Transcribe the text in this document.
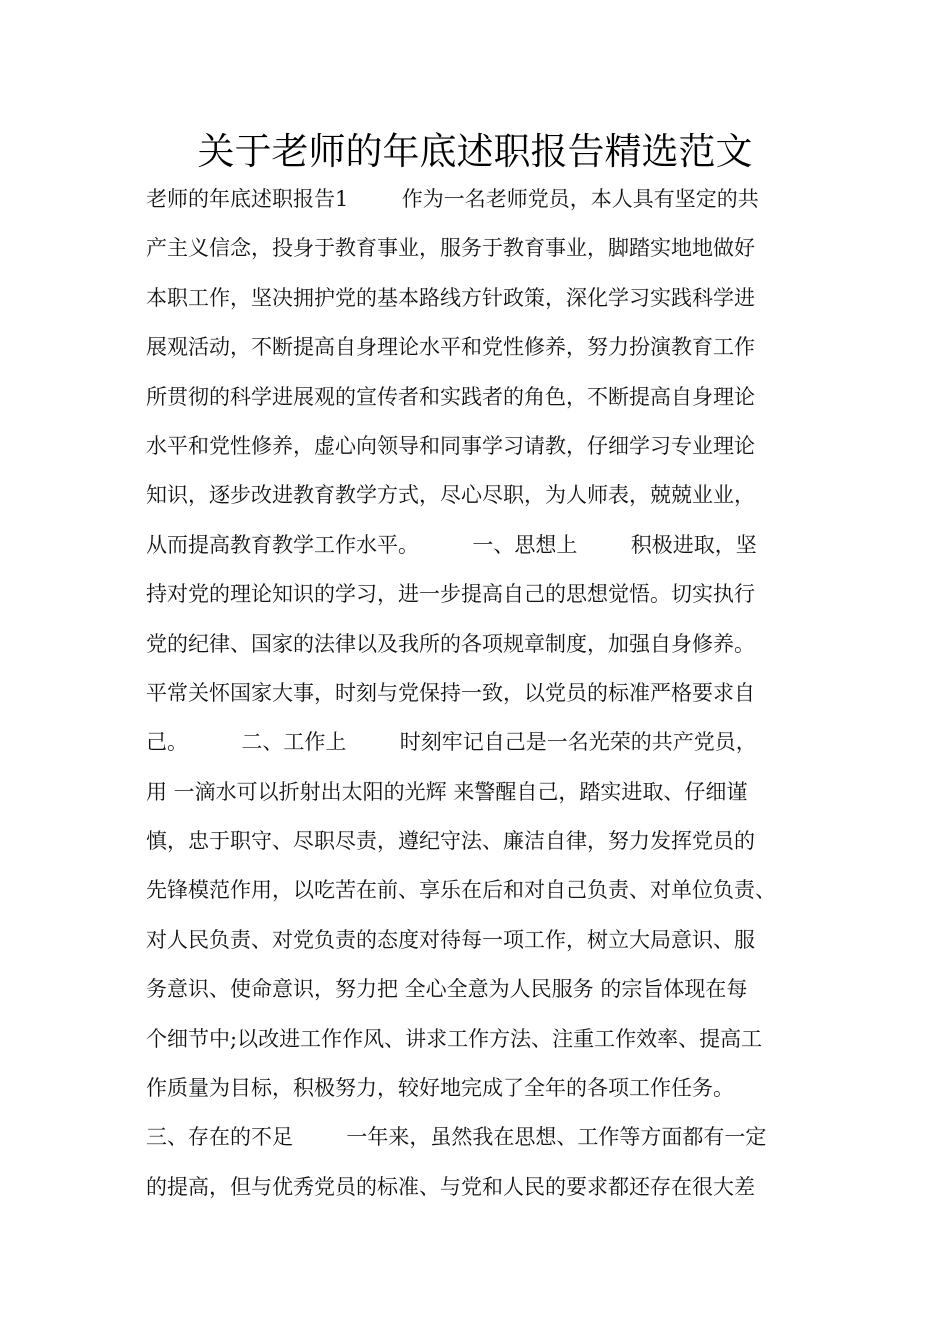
关于老师的年底述职报告精选范文
老师的年底述职报告1        作为一名老师党员，本人具有坚定的共
产主义信念，投身于教育事业，服务于教育事业，脚踏实地地做好
本职工作，坚决拥护党的基本路线方针政策，深化学习实践科学进
展观活动，不断提高自身理论水平和党性修养，努力扮演教育工作
所贯彻的科学进展观的宣传者和实践者的角色，不断提高自身理论
水平和党性修养，虚心向领导和同事学习请教，仔细学习专业理论
知识，逐步改进教育教学方式，尽心尽职，为人师表，兢兢业业，
从而提高教育教学工作水平。        一、思想上        积极进取，坚
持对党的理论知识的学习，进一步提高自己的思想觉悟。切实执行
党的纪律、国家的法律以及我所的各项规章制度，加强自身修养。
平常关怀国家大事，时刻与党保持一致，以党员的标准严格要求自
己。        二、工作上        时刻牢记自己是一名光荣的共产党员，
用 一滴水可以折射出太阳的光辉 来警醒自己，踏实进取、仔细谨
慎，忠于职守、尽职尽责，遵纪守法、廉洁自律，努力发挥党员的
先锋模范作用，以吃苦在前、享乐在后和对自己负责、对单位负责、
对人民负责、对党负责的态度对待每一项工作，树立大局意识、服
务意识、使命意识，努力把 全心全意为人民服务 的宗旨体现在每
个细节中;以改进工作作风、讲求工作方法、注重工作效率、提高工
作质量为目标，积极努力，较好地完成了全年的各项工作任务。
三、存在的不足        一年来，虽然我在思想、工作等方面都有一定
的提高，但与优秀党员的标准、与党和人民的要求都还存在很大差
